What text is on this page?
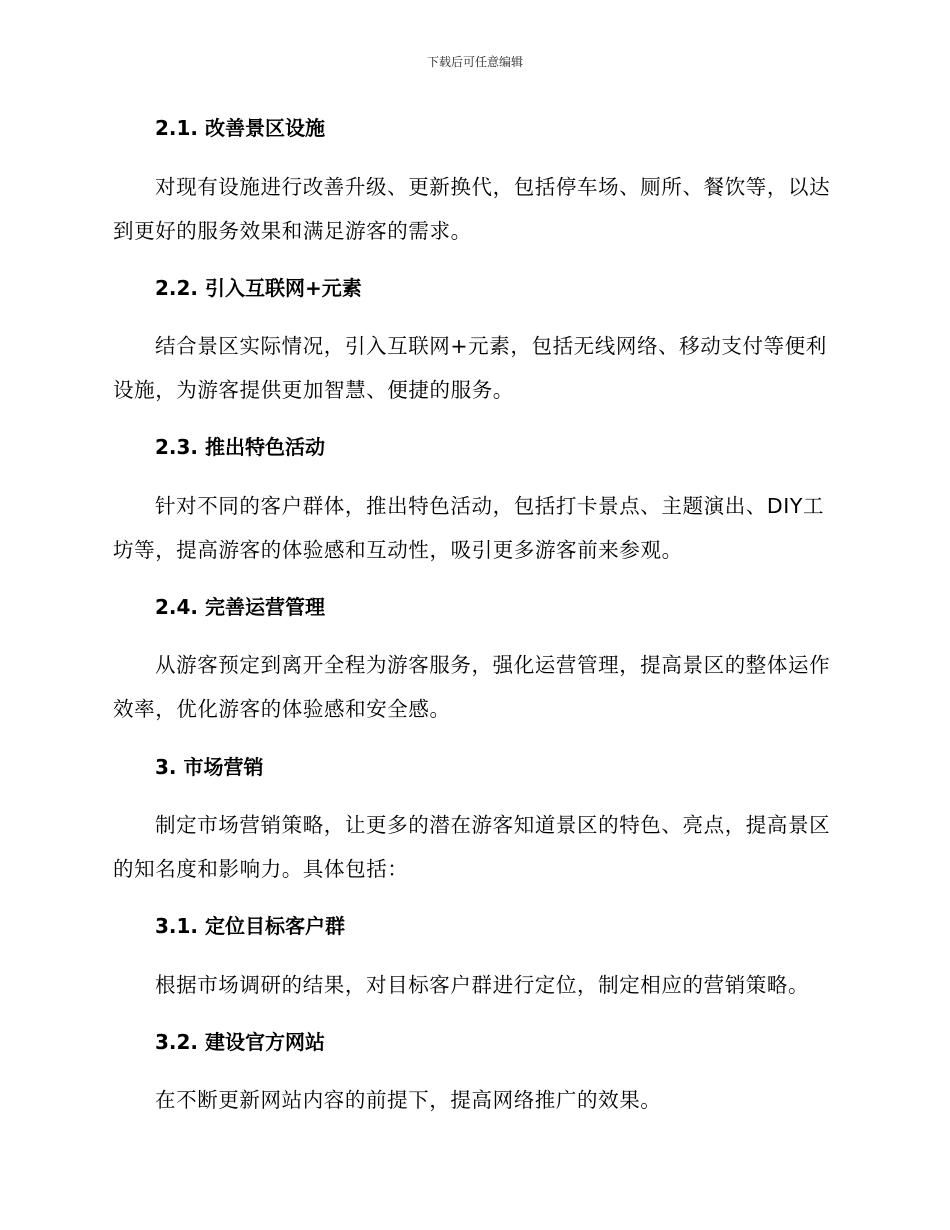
下载后可任意编辑
2.1. 改善景区设施
对现有设施进行改善升级、更新换代，包括停车场、厕所、餐饮等，以达到更好的服务效果和满足游客的需求。
2.2. 引入互联网+元素
结合景区实际情况，引入互联网+元素，包括无线网络、移动支付等便利设施，为游客提供更加智慧、便捷的服务。
2.3. 推出特色活动
针对不同的客户群体，推出特色活动，包括打卡景点、主题演出、DIY工坊等，提高游客的体验感和互动性，吸引更多游客前来参观。
2.4. 完善运营管理
从游客预定到离开全程为游客服务，强化运营管理，提高景区的整体运作效率，优化游客的体验感和安全感。
3. 市场营销
制定市场营销策略，让更多的潜在游客知道景区的特色、亮点，提高景区的知名度和影响力。具体包括：
3.1. 定位目标客户群
根据市场调研的结果，对目标客户群进行定位，制定相应的营销策略。
3.2. 建设官方网站
在不断更新网站内容的前提下，提高网络推广的效果。
